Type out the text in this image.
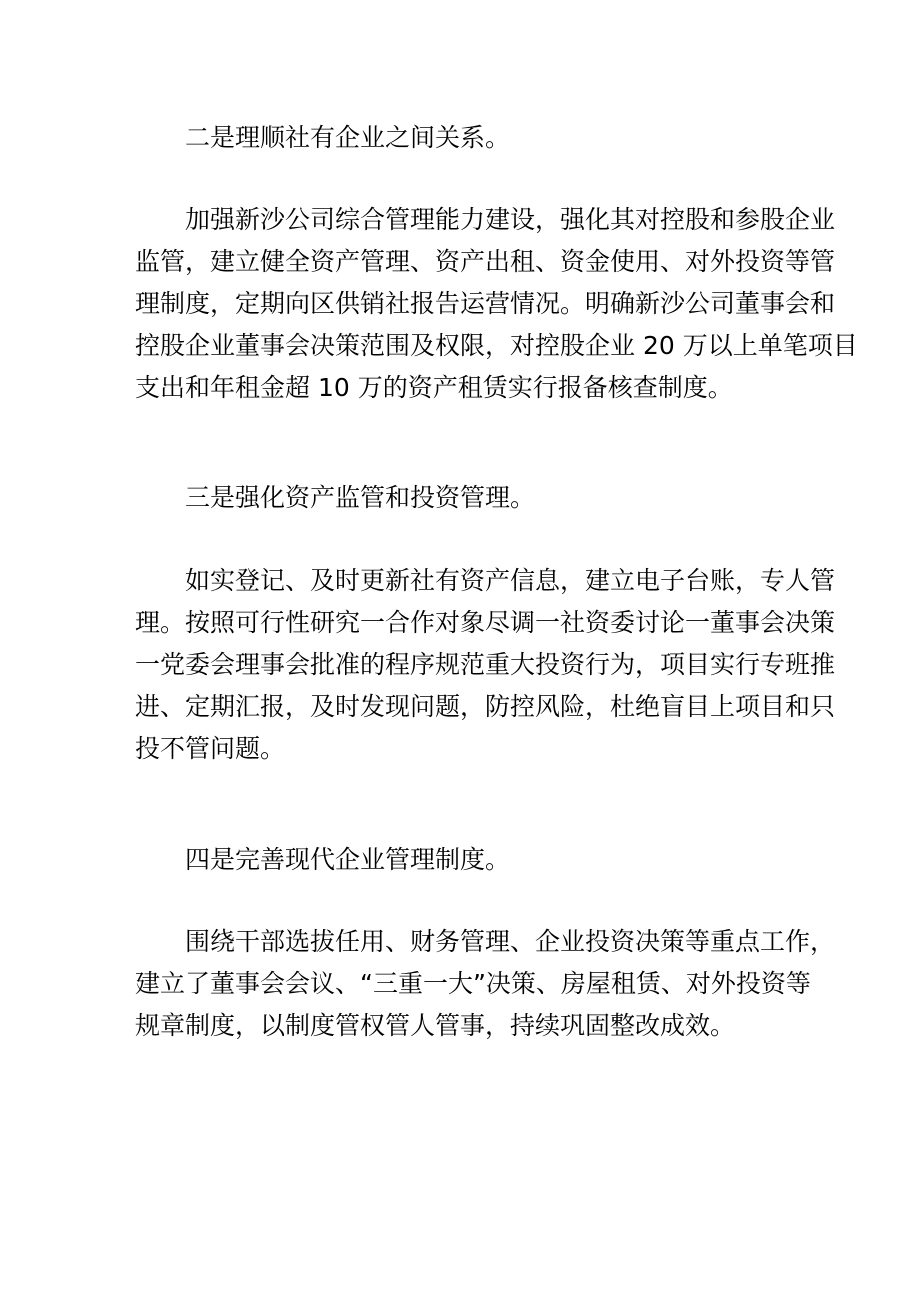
二是理顺社有企业之间关系。

加强新沙公司综合管理能力建设，强化其对控股和参股企业
监管，建立健全资产管理、资产出租、资金使用、对外投资等管
理制度，定期向区供销社报告运营情况。明确新沙公司董事会和
控股企业董事会决策范围及权限，对控股企业 20 万以上单笔项目
支出和年租金超 10 万的资产租赁实行报备核查制度。

三是强化资产监管和投资管理。

如实登记、及时更新社有资产信息，建立电子台账，专人管
理。按照可行性研究一合作对象尽调一社资委讨论一董事会决策
一党委会理事会批准的程序规范重大投资行为，项目实行专班推
进、定期汇报，及时发现问题，防控风险，杜绝盲目上项目和只
投不管问题。

四是完善现代企业管理制度。

围绕干部选拔任用、财务管理、企业投资决策等重点工作，
建立了董事会会议、“三重一大”决策、房屋租赁、对外投资等
规章制度，以制度管权管人管事，持续巩固整改成效。
